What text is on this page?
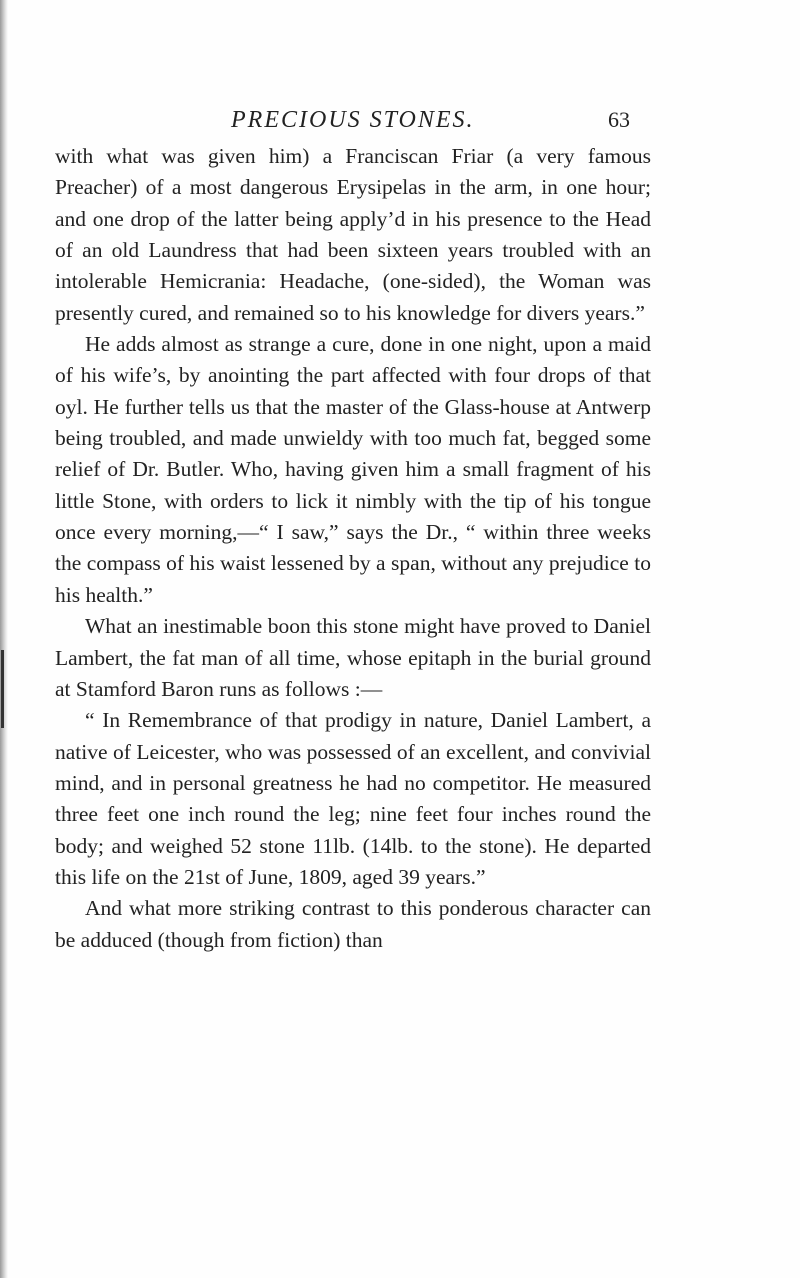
PRECIOUS STONES.	63

with what was given him) a Franciscan Friar (a very famous Preacher) of a most dangerous Erysipelas in the arm, in one hour; and one drop of the latter being apply’d in his presence to the Head of an old Laundress that had been sixteen years troubled with an intolerable Hemicrania: Headache, (one-sided), the Woman was presently cured, and remained so to his knowledge for divers years.”

He adds almost as strange a cure, done in one night, upon a maid of his wife’s, by anointing the part affected with four drops of that oyl. He further tells us that the master of the Glass-house at Antwerp being troubled, and made unwieldy with too much fat, begged some relief of Dr. Butler. Who, having given him a small fragment of his little Stone, with orders to lick it nimbly with the tip of his tongue once every morning,—“ I saw,” says the Dr., “ within three weeks the compass of his waist lessened by a span, without any prejudice to his health.”

What an inestimable boon this stone might have proved to Daniel Lambert, the fat man of all time, whose epitaph in the burial ground at Stamford Baron runs as follows :—

“ In Remembrance of that prodigy in nature, Daniel Lambert, a native of Leicester, who was possessed of an excellent, and convivial mind, and in personal greatness he had no competitor. He measured three feet one inch round the leg; nine feet four inches round the body; and weighed 52 stone 11lb. (14lb. to the stone). He departed this life on the 21st of June, 1809, aged 39 years.”

And what more striking contrast to this ponderous character can be adduced (though from fiction) than
